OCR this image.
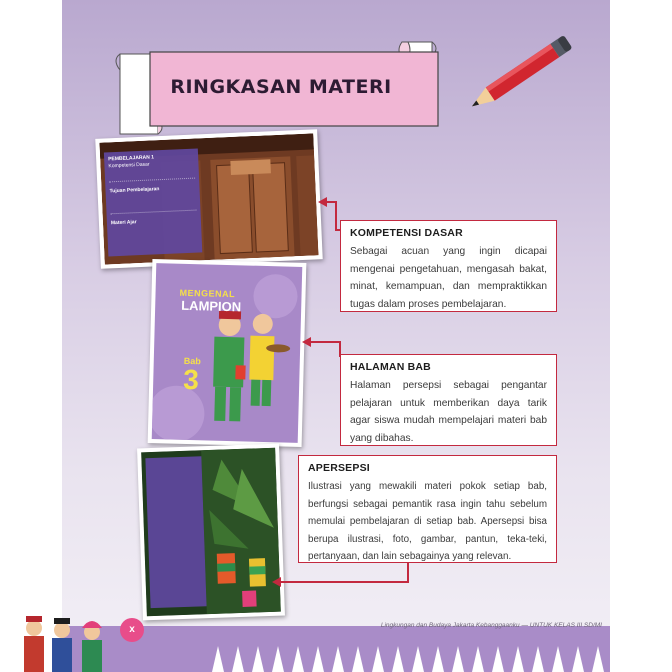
Lingkungan dan Budaya Jakarta Kebanggaanku — UNTUK KELAS III SD/MI
x
RINGKASAN MATERI
PEMBELAJARAN 1
Kompetensi Dasar
Tujuan Pembelajaran
Materi Ajar
MENGENAL
LAMPION
Bab
3
KOMPETENSI DASAR

Sebagai acuan yang ingin dicapai mengenai pengetahuan, mengasah bakat, minat, kemampuan, dan mempraktikkan tugas dalam proses pembelajaran.

HALAMAN BAB

Halaman persepsi sebagai pengantar pelajaran untuk memberikan daya tarik agar siswa mudah mempelajari materi bab yang dibahas.

APERSEPSI

Ilustrasi yang mewakili materi pokok setiap bab, berfungsi sebagai pemantik rasa ingin tahu sebelum memulai pembelajaran di setiap bab. Apersepsi bisa berupa ilustrasi, foto, gambar, pantun, teka-teki, pertanyaan, dan lain sebagainya yang relevan.
